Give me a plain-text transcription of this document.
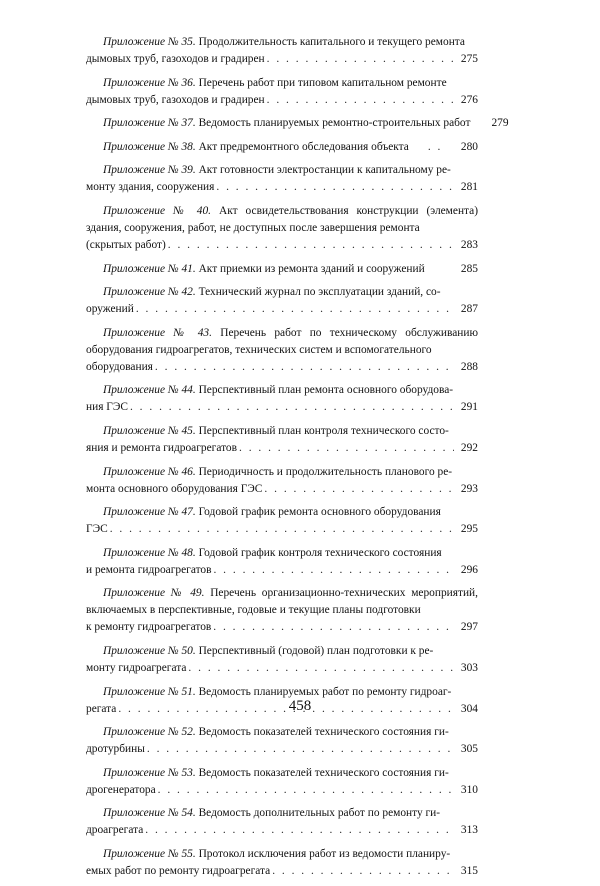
Приложение № 35. Продолжительность капитального и текущего ремонта
дымовых труб, газоходов и градирен . . .	275
Приложение № 36. Перечень работ при типовом капитальном ремонте
дымовых труб, газоходов и градирен . . .	276
Приложение № 37. Ведомость планируемых ремонтно-строительных работ	279
Приложение № 38. Акт предремонтного обследования объекта . . .	280
Приложение № 39. Акт готовности электростанции к капитальному ре-
монту здания, сооружения . . .	281
Приложение № 40. Акт освидетельствования конструкции (элемента) здания, сооружения, работ, не доступных после завершения ремонта
(скрытых работ) . . .	283
Приложение № 41. Акт приемки из ремонта зданий и сооружений . . .	285
Приложение № 42. Технический журнал по эксплуатации зданий, со-
оружений . . .	287
Приложение № 43. Перечень работ по техническому обслуживанию оборудования гидроагрегатов, технических систем и вспомогательного
оборудования . . .	288
Приложение № 44. Перспективный план ремонта основного оборудова-
ния ГЭС . . .	291
Приложение № 45. Перспективный план контроля технического состо-
яния и ремонта гидроагрегатов . . .	292
Приложение № 46. Периодичность и продолжительность планового ре-
монта основного оборудования ГЭС . . .	293
Приложение № 47. Годовой график ремонта основного оборудования
ГЭС . . .	295
Приложение № 48. Годовой график контроля технического состояния
и ремонта гидроагрегатов . . .	296
Приложение № 49. Перечень организационно-технических мероприятий, включаемых в перспективные, годовые и текущие планы подготовки
к ремонту гидроагрегатов . . .	297
Приложение № 50. Перспективный (годовой) план подготовки к ре-
монту гидроагрегата . . .	303
Приложение № 51. Ведомость планируемых работ по ремонту гидроаг-
регата . . .	304
Приложение № 52. Ведомость показателей технического состояния ги-
дротурбины . . .	305
Приложение № 53. Ведомость показателей технического состояния ги-
дрогенератора . . .	310
Приложение № 54. Ведомость дополнительных работ по ремонту ги-
дроагрегата . . .	313
Приложение № 55. Протокол исключения работ из ведомости планиру-
емых работ по ремонту гидроагрегата . . .	315
458
